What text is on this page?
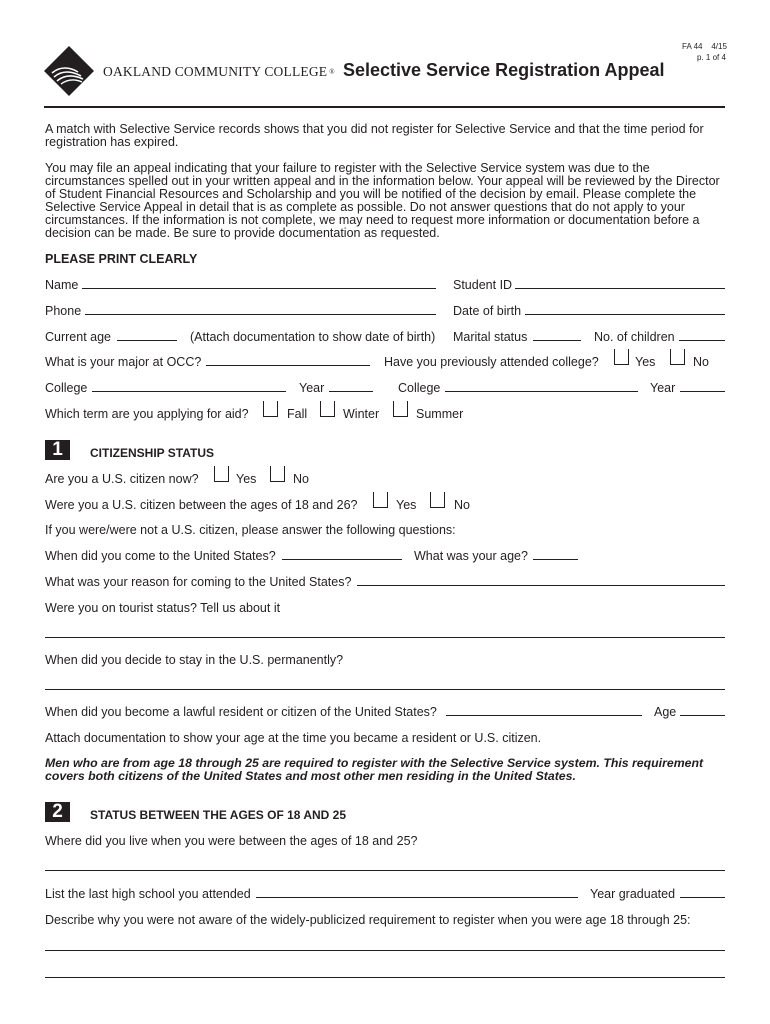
OAKLAND COMMUNITY COLLEGE ® Selective Service Registration Appeal
FA 44    4/15
p. 1 of 4
A match with Selective Service records shows that you did not register for Selective Service and that the time period for registration has expired.
You may file an appeal indicating that your failure to register with the Selective Service system was due to the circumstances spelled out in your written appeal and in the information below. Your appeal will be reviewed by the Director of Student Financial Resources and Scholarship and you will be notified of the decision by email. Please complete the Selective Service Appeal in detail that is as complete as possible. Do not answer questions that do not apply to your circumstances. If the information is not complete, we may need to request more information or documentation before a decision can be made. Be sure to provide documentation as requested.
PLEASE PRINT CLEARLY
Name	Student ID
Phone	Date of birth
Current age	(Attach documentation to show date of birth) Marital status	No. of children
What is your major at OCC?	Have you previously attended college?	Yes	No
College	Year	College	Year
Which term are you applying for aid?	Fall	Winter	Summer
1	CITIZENSHIP STATUS
Are you a U.S. citizen now?	Yes	No
Were you a U.S. citizen between the ages of 18 and 26?	Yes	No
If you were/were not a U.S. citizen, please answer the following questions:
When did you come to the United States?	What was your age?
What was your reason for coming to the United States?
Were you on tourist status? Tell us about it
When did you decide to stay in the U.S. permanently?
When did you become a lawful resident or citizen of the United States?	Age
Attach documentation to show your age at the time you became a resident or U.S. citizen.
Men who are from age 18 through 25 are required to register with the Selective Service system. This requirement covers both citizens of the United States and most other men residing in the United States.
2	STATUS BETWEEN THE AGES OF 18 AND 25
Where did you live when you were between the ages of 18 and 25?
List the last high school you attended	Year graduated
Describe why you were not aware of the widely-publicized requirement to register when you were age 18 through 25:
